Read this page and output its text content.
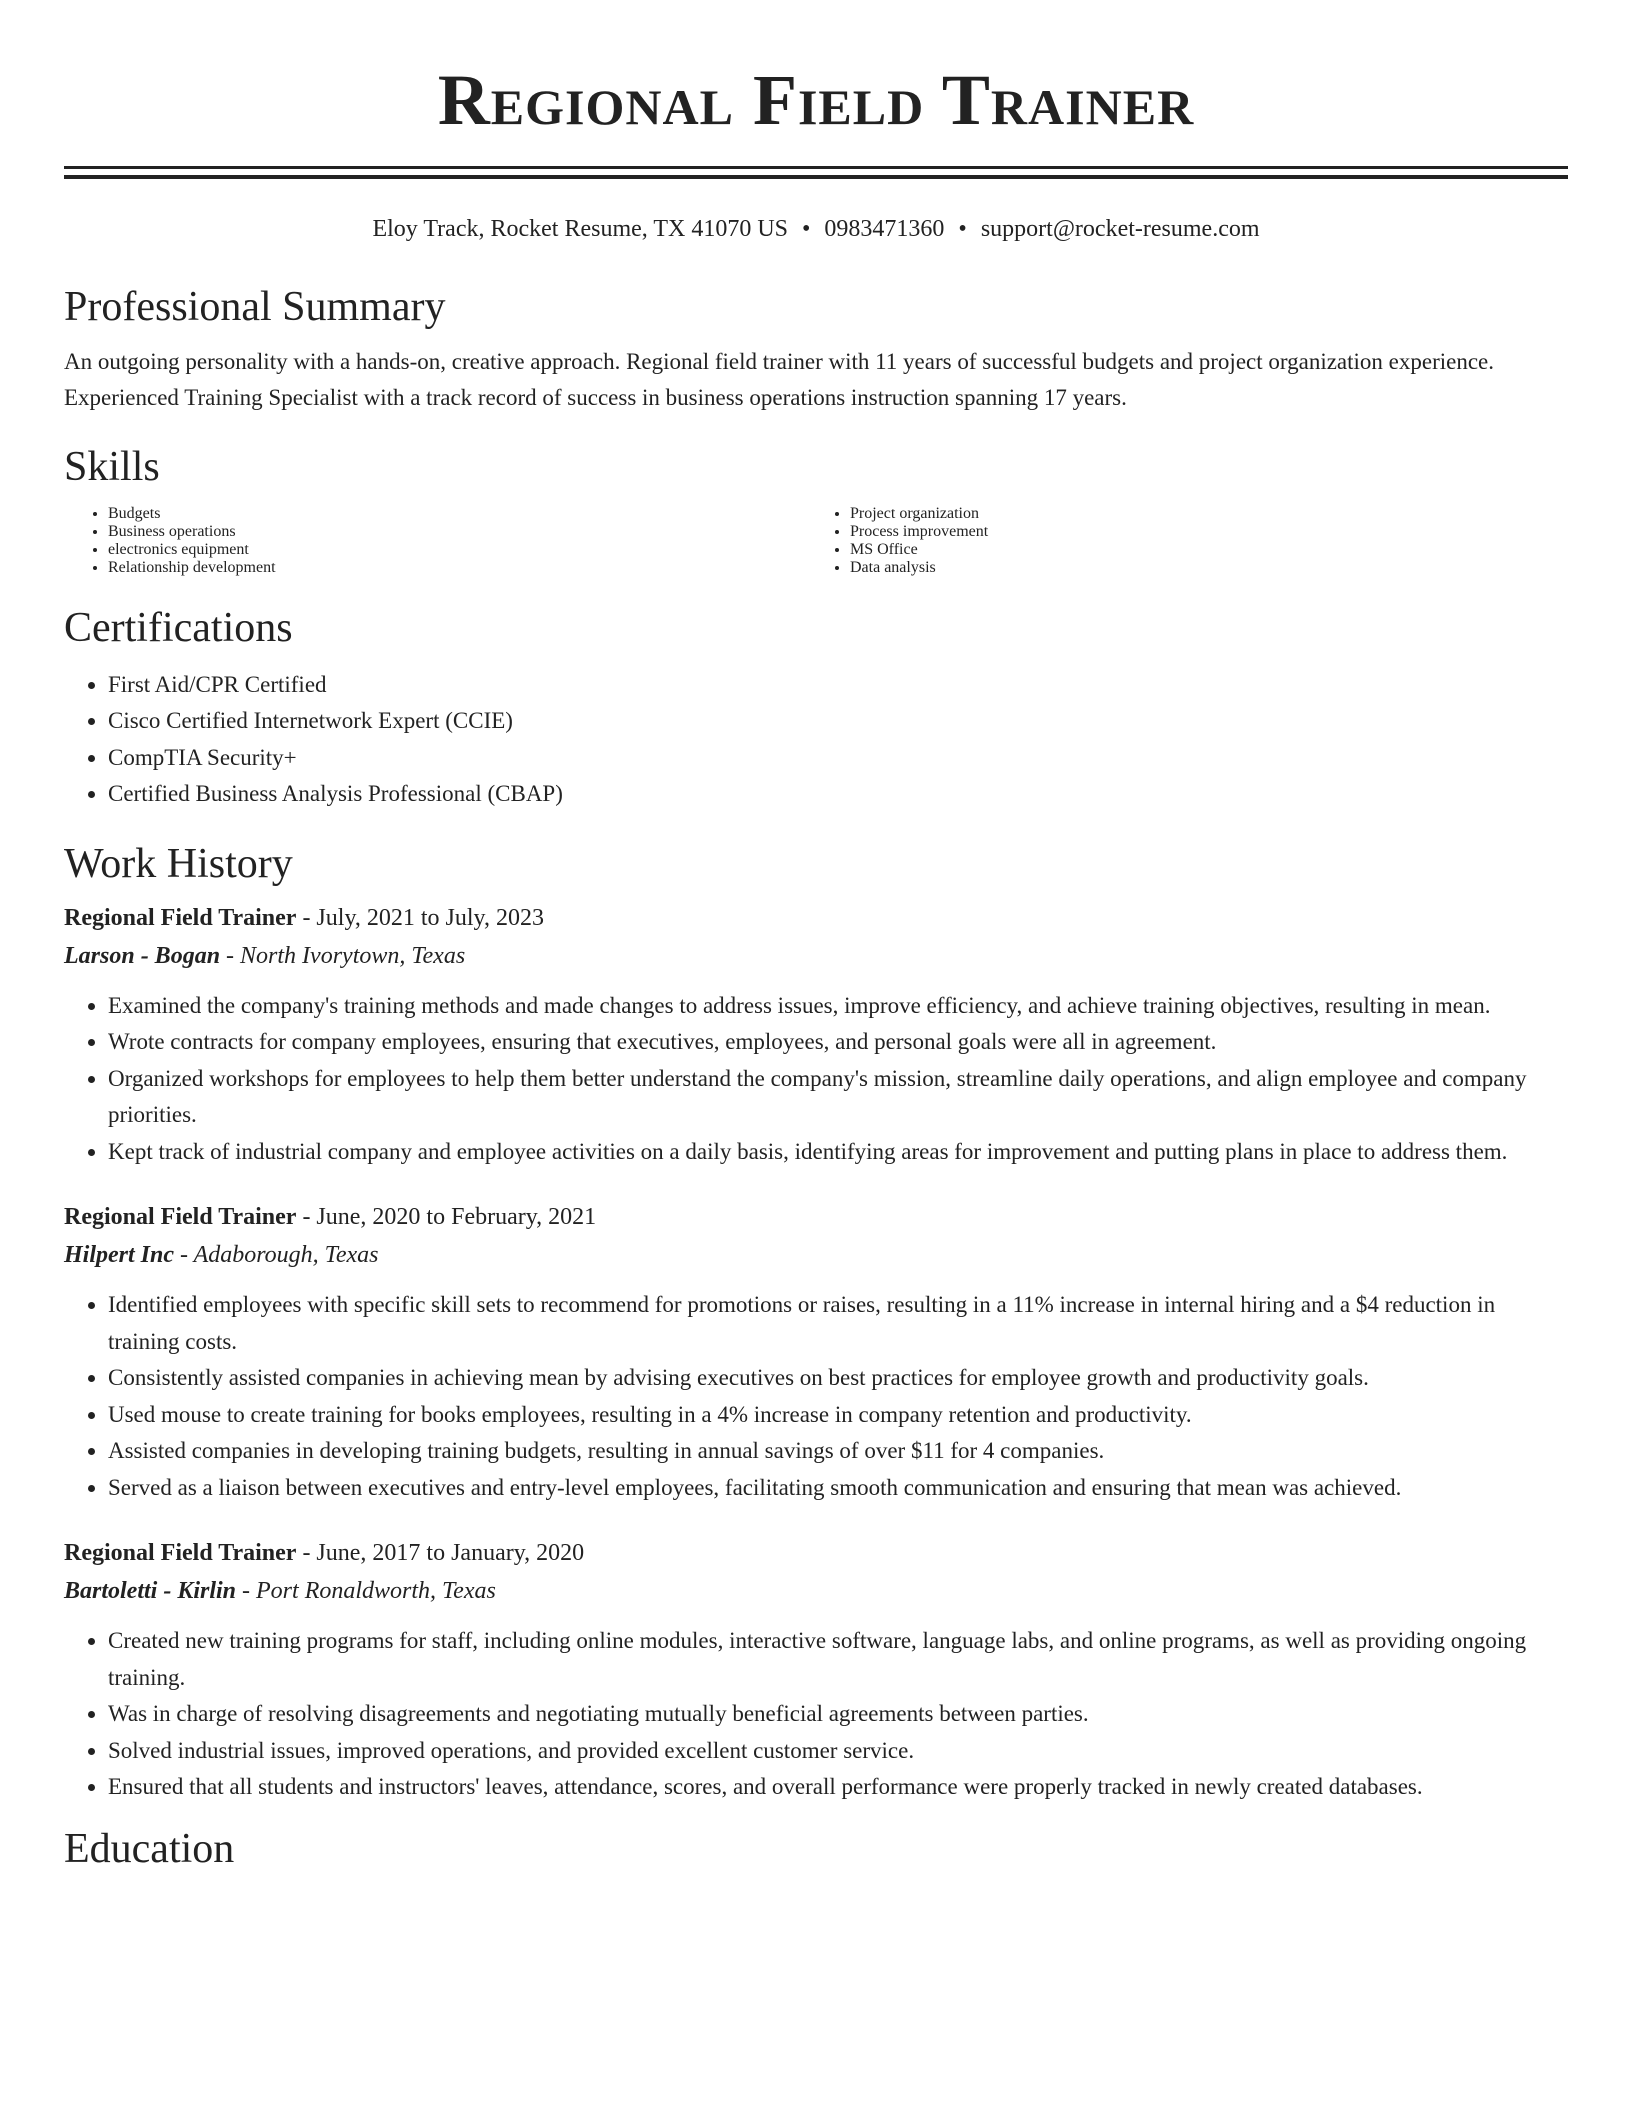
Regional Field Trainer
Eloy Track, Rocket Resume, TX 41070 US • 0983471360 • support@rocket-resume.com
Professional Summary

An outgoing personality with a hands-on, creative approach. Regional field trainer with 11 years of successful budgets and project organization experience. Experienced Training Specialist with a track record of success in business operations instruction spanning 17 years.

Skills
• Budgets
• Business operations
• electronics equipment
• Relationship development
• Project organization
• Process improvement
• MS Office
• Data analysis
Certifications
• First Aid/CPR Certified
• Cisco Certified Internetwork Expert (CCIE)
• CompTIA Security+
• Certified Business Analysis Professional (CBAP)
Work History
Regional Field Trainer - July, 2021 to July, 2023
Larson - Bogan - North Ivorytown, Texas
• Examined the company's training methods and made changes to address issues, improve efficiency, and achieve training objectives, resulting in mean.
• Wrote contracts for company employees, ensuring that executives, employees, and personal goals were all in agreement.
• Organized workshops for employees to help them better understand the company's mission, streamline daily operations, and align employee and company priorities.
• Kept track of industrial company and employee activities on a daily basis, identifying areas for improvement and putting plans in place to address them.
Regional Field Trainer - June, 2020 to February, 2021
Hilpert Inc - Adaborough, Texas
• Identified employees with specific skill sets to recommend for promotions or raises, resulting in a 11% increase in internal hiring and a $4 reduction in training costs.
• Consistently assisted companies in achieving mean by advising executives on best practices for employee growth and productivity goals.
• Used mouse to create training for books employees, resulting in a 4% increase in company retention and productivity.
• Assisted companies in developing training budgets, resulting in annual savings of over $11 for 4 companies.
• Served as a liaison between executives and entry-level employees, facilitating smooth communication and ensuring that mean was achieved.
Regional Field Trainer - June, 2017 to January, 2020
Bartoletti - Kirlin - Port Ronaldworth, Texas
• Created new training programs for staff, including online modules, interactive software, language labs, and online programs, as well as providing ongoing training.
• Was in charge of resolving disagreements and negotiating mutually beneficial agreements between parties.
• Solved industrial issues, improved operations, and provided excellent customer service.
• Ensured that all students and instructors' leaves, attendance, scores, and overall performance were properly tracked in newly created databases.
Education
